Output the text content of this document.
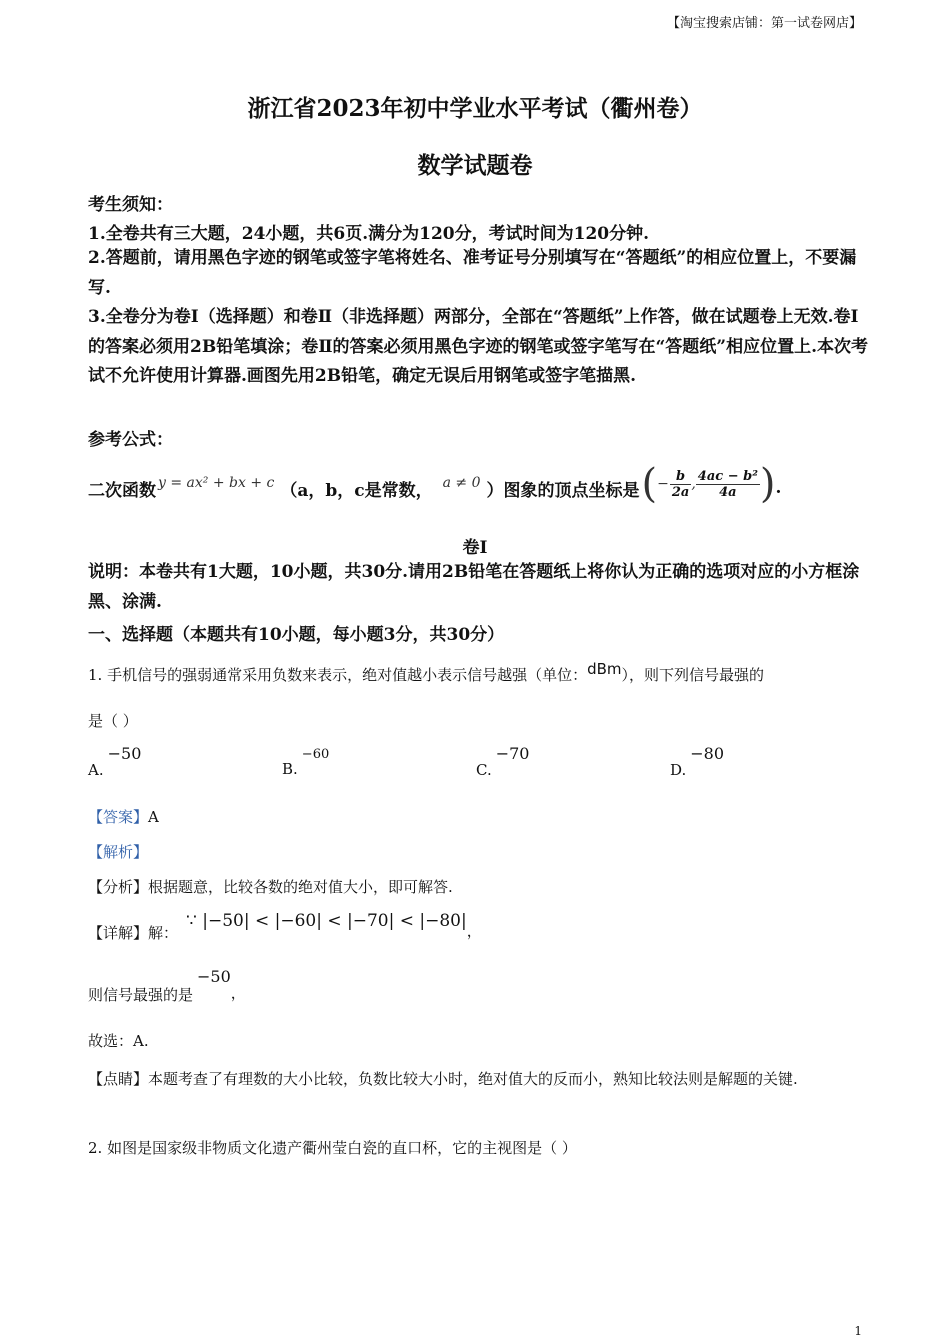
【淘宝搜索店铺：第一试卷网店】
浙江省2023年初中学业水平考试（衢州卷）
数学试题卷
考生须知：
1.全卷共有三大题，24小题，共6页.满分为120分，考试时间为120分钟.
2.答题前，请用黑色字迹的钢笔或签字笔将姓名、准考证号分别填写在“答题纸”的相应位置上，不要漏写.
3.全卷分为卷Ⅰ（选择题）和卷Ⅱ（非选择题）两部分，全部在“答题纸”上作答，做在试题卷上无效.卷Ⅰ的答案必须用2B铅笔填涂；卷Ⅱ的答案必须用黑色字迹的钢笔或签字笔写在“答题纸”相应位置上.本次考试不允许使用计算器.画图先用2B铅笔，确定无误后用钢笔或签字笔描黑.
参考公式：
二次函数 y = ax² + bx + c （a，b，c是常数， a ≠ 0 ）图象的顶点坐标是 ( − $\frac{b}{2a}$ , $\frac{\text{4ac − b²}}{4a}$ ) .
卷Ⅰ
说明：本卷共有1大题，10小题，共30分.请用2B铅笔在答题纸上将你认为正确的选项对应的小方框涂黑、涂满.
一、选择题（本题共有10小题，每小题3分，共30分）
1. 手机信号的强弱通常采用负数来表示，绝对值越小表示信号越强（单位：dBm），则下列信号最强的
是（ ）
A.−50
B.−60
C.−70
D.−80
【答案】A
【解析】
【分析】根据题意，比较各数的绝对值大小，即可解答.
【详解】解：∵ |−50| < |−60| < |−70| < |−80|，
则信号最强的是−50，
故选：A.
【点睛】本题考查了有理数的大小比较，负数比较大小时，绝对值大的反而小，熟知比较法则是解题的关键.
2. 如图是国家级非物质文化遗产衢州莹白瓷的直口杯，它的主视图是（ ）
1
